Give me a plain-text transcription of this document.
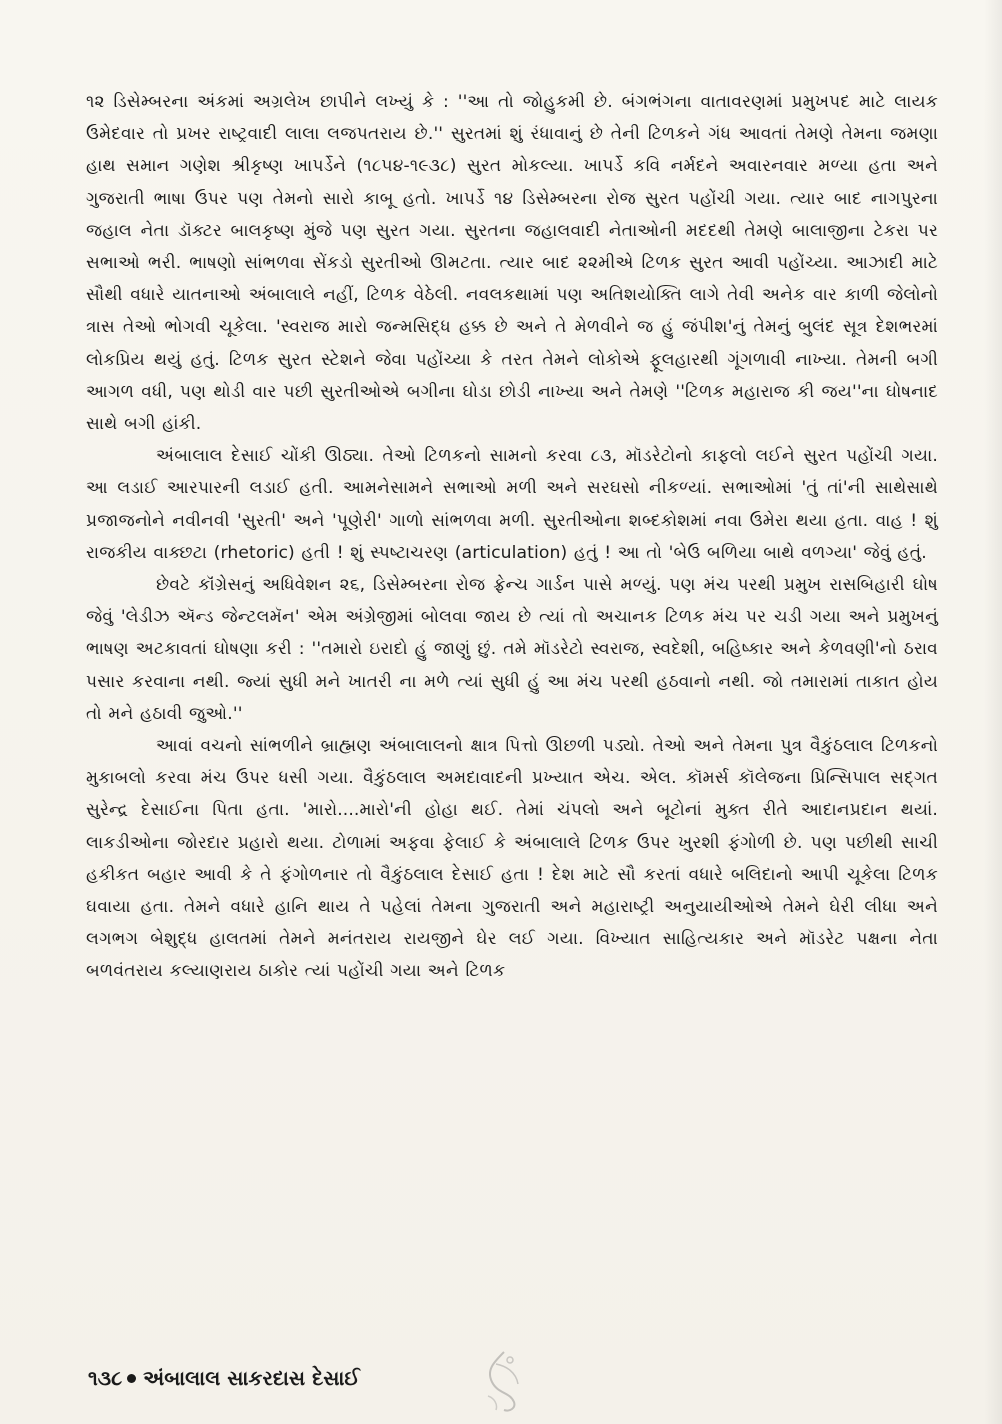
૧૨ ડિસેમ્બરના અંકમાં અગ્રલેખ છાપીને લખ્યું કે : ''આ તો જોહુકમી છે. બંગભંગના વાતાવરણમાં પ્રમુખપદ માટે લાયક ઉમેદવાર તો પ્રખર રાષ્ટ્રવાદી લાલા લજપતરાય છે.'' સુરતમાં શું રંધાવાનું છે તેની ટિળકને ગંધ આવતાં તેમણે તેમના જમણા હાથ સમાન ગણેશ શ્રીકૃષ્ણ ખાપર્ડેને (૧૮૫૪-૧૯૩૮) સુરત મોકલ્યા. ખાપર્ડે કવિ નર્મદને અવારનવાર મળ્યા હતા અને ગુજરાતી ભાષા ઉપર પણ તેમનો સારો કાબૂ હતો. ખાપર્ડે ૧૪ ડિસેમ્બરના રોજ સુરત પહોંચી ગયા. ત્યાર બાદ નાગપુરના જહાલ નેતા ડૉક્ટર બાલકૃષ્ણ મુંજે પણ સુરત ગયા. સુરતના જહાલવાદી નેતાઓની મદદથી તેમણે બાલાજીના ટેકરા પર સભાઓ ભરી. ભાષણો સાંભળવા સેંકડો સુરતીઓ ઊમટતા. ત્યાર બાદ ૨૨મીએ ટિળક સુરત આવી પહોંચ્યા. આઝાદી માટે સૌથી વધારે યાતનાઓ અંબાલાલે નહીં, ટિળક વેઠેલી. નવલકથામાં પણ અતિશયોક્તિ લાગે તેવી અનેક વાર કાળી જેલોનો ત્રાસ તેઓ ભોગવી ચૂકેલા. 'સ્વરાજ મારો જન્મસિદ્ધ હક્ક છે અને તે મેળવીને જ હું જંપીશ'નું તેમનું બુલંદ સૂત્ર દેશભરમાં લોકપ્રિય થયું હતું. ટિળક સુરત સ્ટેશને જેવા પહોંચ્યા કે તરત તેમને લોકોએ ફૂલહારથી ગૂંગળાવી નાખ્યા. તેમની બગી આગળ વધી, પણ થોડી વાર પછી સુરતીઓએ બગીના ઘોડા છોડી નાખ્યા અને તેમણે ''ટિળક મહારાજ કી જય''ના ઘોષનાદ સાથે બગી હાંકી.

અંબાલાલ દેસાઈ ચોંકી ઊઠ્યા. તેઓ ટિળકનો સામનો કરવા ૮૩, મૉડરેટોનો કાફલો લઈને સુરત પહોંચી ગયા. આ લડાઈ આરપારની લડાઈ હતી. આમનેસામને સભાઓ મળી અને સરઘસો નીકળ્યાં. સભાઓમાં 'તું તાં'ની સાથેસાથે પ્રજાજનોને નવીનવી 'સુરતી' અને 'પૂણેરી' ગાળો સાંભળવા મળી. સુરતીઓના શબ્દકોશમાં નવા ઉમેરા થયા હતા. વાહ ! શું રાજકીય વાક્છટા (rhetoric) હતી ! શું સ્પષ્ટાચરણ (articulation) હતું ! આ તો 'બેઉ બળિયા બાથે વળગ્યા' જેવું હતું.

છેવટે કૉંગ્રેસનું અધિવેશન ૨૬, ડિસેમ્બરના રોજ ફ્રેન્ચ ગાર્ડન પાસે મળ્યું. પણ મંચ પરથી પ્રમુખ રાસબિહારી ઘોષ જેવું 'લેડીઝ ઍન્ડ જેન્ટલમૅન' એમ અંગ્રેજીમાં બોલવા જાય છે ત્યાં તો અચાનક ટિળક મંચ પર ચડી ગયા અને પ્રમુખનું ભાષણ અટકાવતાં ઘોષણા કરી : ''તમારો ઇરાદો હું જાણું છું. તમે મૉડરેટો સ્વરાજ, સ્વદેશી, બહિષ્કાર અને કેળવણી'નો ઠરાવ પસાર કરવાના નથી. જ્યાં સુધી મને ખાતરી ના મળે ત્યાં સુધી હું આ મંચ પરથી હઠવાનો નથી. જો તમારામાં તાકાત હોય તો મને હઠાવી જુઓ.''

આવાં વચનો સાંભળીને બ્રાહ્મણ અંબાલાલનો ક્ષાત્ર પિત્તો ઊછળી પડ્યો. તેઓ અને તેમના પુત્ર વૈકુંઠલાલ ટિળકનો મુકાબલો કરવા મંચ ઉપર ધસી ગયા. વૈકુંઠલાલ અમદાવાદની પ્રખ્યાત એચ. એલ. કૉમર્સ કૉલેજના પ્રિન્સિપાલ સદ્ગત સુરેન્દ્ર દેસાઈના પિતા હતા. 'મારો....મારો'ની હોહા થઈ. તેમાં ચંપલો અને બૂટોનાં મુક્ત રીતે આદાનપ્રદાન થયાં. લાકડીઓના જોરદાર પ્રહારો થયા. ટોળામાં અફવા ફેલાઈ કે અંબાલાલે ટિળક ઉપર ખુરશી ફંગોળી છે. પણ પછીથી સાચી હકીકત બહાર આવી કે તે ફંગોળનાર તો વૈકુંઠલાલ દેસાઈ હતા ! દેશ માટે સૌ કરતાં વધારે બલિદાનો આપી ચૂકેલા ટિળક ઘવાયા હતા. તેમને વધારે હાનિ થાય તે પહેલાં તેમના ગુજરાતી અને મહારાષ્ટ્રી અનુયાયીઓએ તેમને ઘેરી લીધા અને લગભગ બેશુદ્ધ હાલતમાં તેમને મનંતરાય રાયજીને ઘેર લઈ ગયા. વિખ્યાત સાહિત્યકાર અને મૉડરેટ પક્ષના નેતા બળવંતરાય કલ્યાણરાય ઠાકોર ત્યાં પહોંચી ગયા અને ટિળક

૧૩૮ અંબાલાલ સાકરદાસ દેસાઈ
